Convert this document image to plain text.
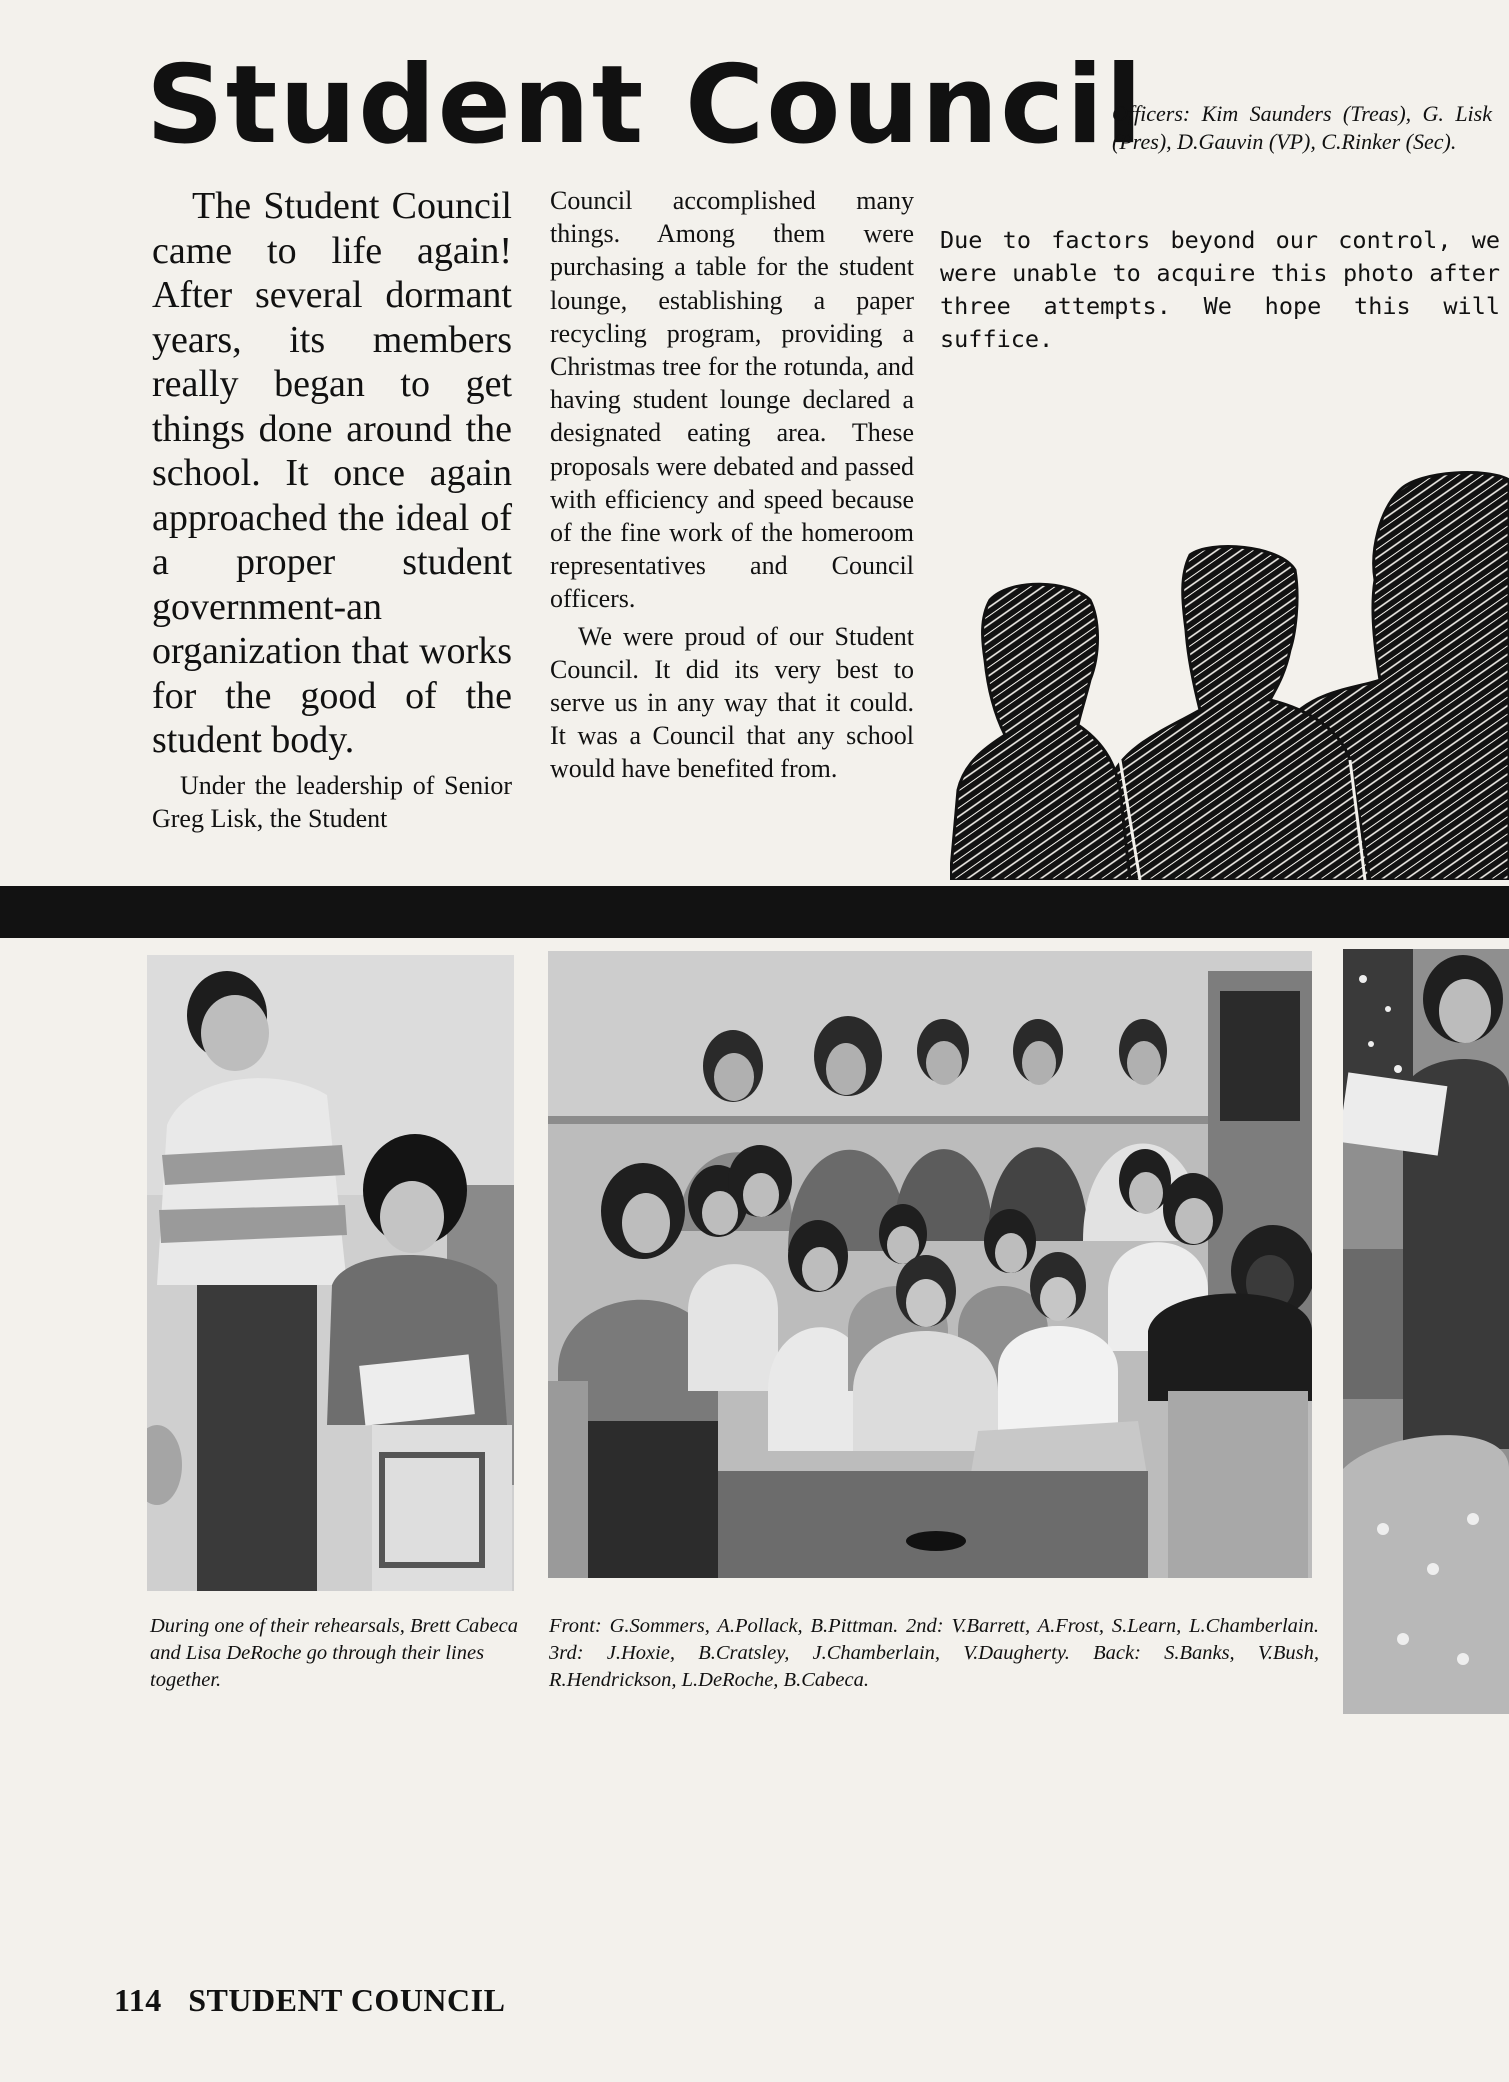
Student Council
Officers: Kim Saunders (Treas), G. Lisk (Pres), D.Gauvin (VP), C.Rinker (Sec).

The Student Council came to life again! After several dormant years, its members really began to get things done around the school. It once again approached the ideal of a proper student government-an organization that works for the good of the student body.

Under the leadership of Senior Greg Lisk, the Student

Council accomplished many things. Among them were purchasing a table for the student lounge, establishing a paper recycling program, providing a Christmas tree for the rotunda, and having student lounge declared a designated eating area. These proposals were debated and passed with efficiency and speed because of the fine work of the homeroom representatives and Council officers.

We were proud of our Student Council. It did its very best to serve us in any way that it could. It was a Council that any school would have benefited from.

Due to factors beyond our control, we were unable to acquire this photo after three attempts. We hope this will suffice.
During one of their rehearsals, Brett Cabeca and Lisa DeRoche go through their lines together.
Front: G.Sommers, A.Pollack, B.Pittman. 2nd: V.Barrett, A.Frost, S.Learn, L.Chamberlain. 3rd: J.Hoxie, B.Cratsley, J.Chamberlain, V.Daugherty. Back: S.Banks, V.Bush, R.Hendrickson, L.DeRoche, B.Cabeca.
114 STUDENT COUNCIL
